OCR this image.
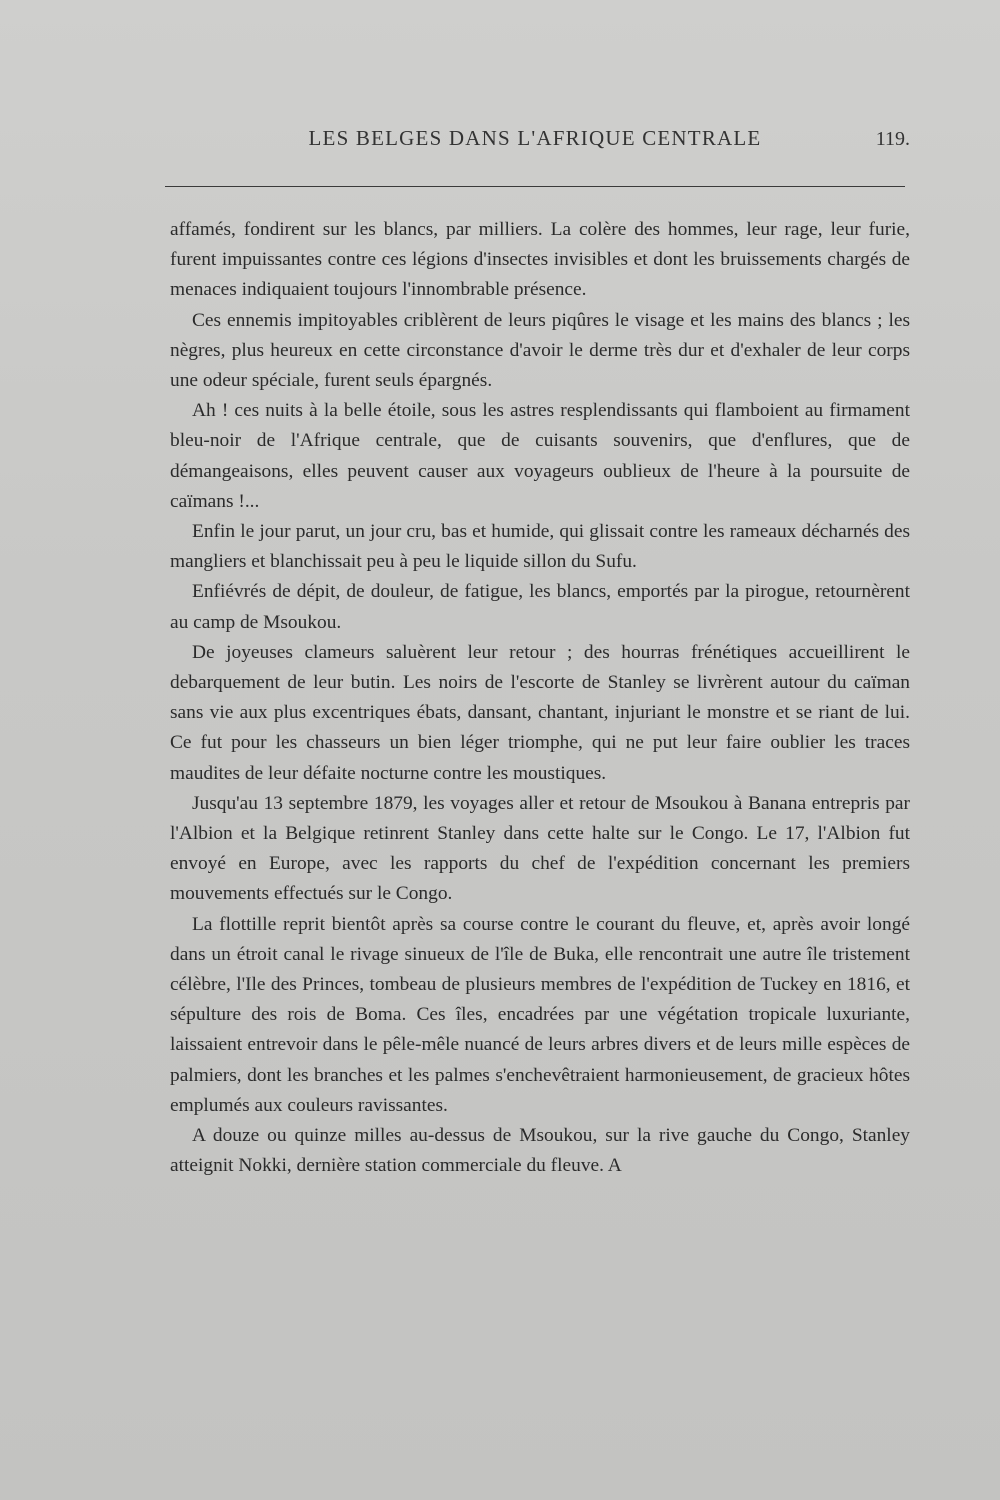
LES BELGES DANS L'AFRIQUE CENTRALE	119.

affamés, fondirent sur les blancs, par milliers. La colère des hommes, leur rage, leur furie, furent impuissantes contre ces légions d'insectes invisibles et dont les bruissements chargés de menaces indiquaient toujours l'innombrable présence.

Ces ennemis impitoyables criblèrent de leurs piqûres le visage et les mains des blancs ; les nègres, plus heureux en cette circonstance d'avoir le derme très dur et d'exhaler de leur corps une odeur spéciale, furent seuls épargnés.

Ah ! ces nuits à la belle étoile, sous les astres resplendissants qui flamboient au firmament bleu-noir de l'Afrique centrale, que de cuisants souvenirs, que d'enflures, que de démangeaisons, elles peuvent causer aux voyageurs oublieux de l'heure à la poursuite de caïmans !...

Enfin le jour parut, un jour cru, bas et humide, qui glissait contre les rameaux décharnés des mangliers et blanchissait peu à peu le liquide sillon du Sufu.

Enfiévrés de dépit, de douleur, de fatigue, les blancs, emportés par la pirogue, retournèrent au camp de Msoukou.

De joyeuses clameurs saluèrent leur retour ; des hourras frénétiques accueillirent le debarquement de leur butin. Les noirs de l'escorte de Stanley se livrèrent autour du caïman sans vie aux plus excentriques ébats, dansant, chantant, injuriant le monstre et se riant de lui. Ce fut pour les chasseurs un bien léger triomphe, qui ne put leur faire oublier les traces maudites de leur défaite nocturne contre les moustiques.

Jusqu'au 13 septembre 1879, les voyages aller et retour de Msoukou à Banana entrepris par l'Albion et la Belgique retinrent Stanley dans cette halte sur le Congo. Le 17, l'Albion fut envoyé en Europe, avec les rapports du chef de l'expédition concernant les premiers mouvements effectués sur le Congo.

La flottille reprit bientôt après sa course contre le courant du fleuve, et, après avoir longé dans un étroit canal le rivage sinueux de l'île de Buka, elle rencontrait une autre île tristement célèbre, l'Ile des Princes, tombeau de plusieurs membres de l'expédition de Tuckey en 1816, et sépulture des rois de Boma. Ces îles, encadrées par une végétation tropicale luxuriante, laissaient entrevoir dans le pêle-mêle nuancé de leurs arbres divers et de leurs mille espèces de palmiers, dont les branches et les palmes s'enchevêtraient harmonieusement, de gracieux hôtes emplumés aux couleurs ravissantes.

A douze ou quinze milles au-dessus de Msoukou, sur la rive gauche du Congo, Stanley atteignit Nokki, dernière station commerciale du fleuve. A
